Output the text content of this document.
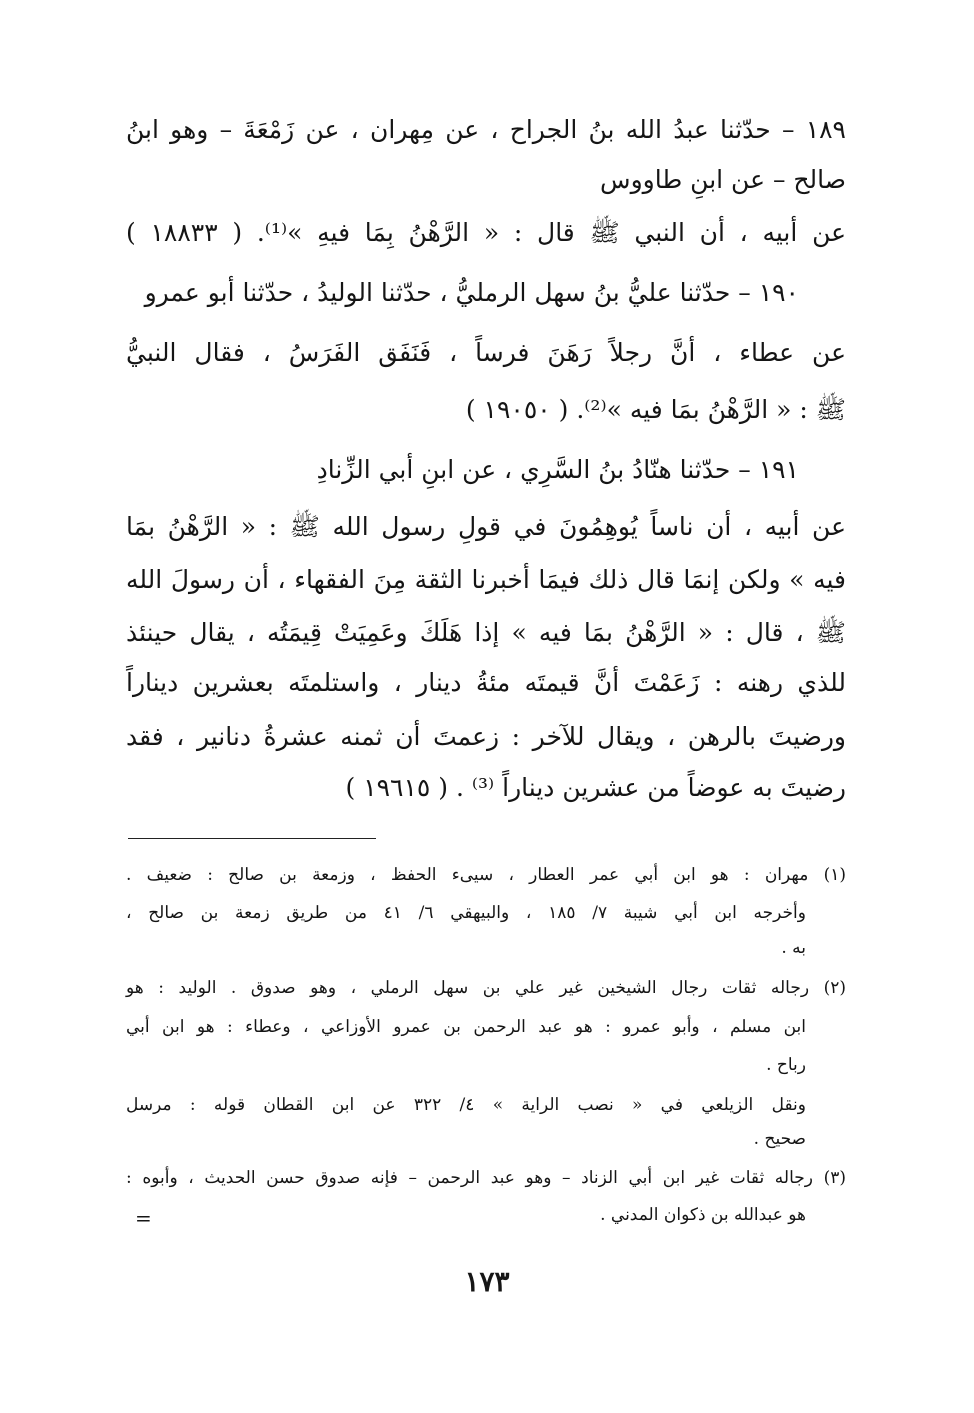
١٨٩ – حدّثنا عبدُ الله بنُ الجراح ، عن مِهران ، عن زَمْعَةَ – وهو ابنُ
صالح – عن ابنِ طاووس
عن أبيه ، أن النبي ﷺ قال : « الرَّهْنُ بِمَا فيهِ »⁽¹⁾. ( ١٨٨٣٣ )
١٩٠ – حدّثنا عليُّ بنُ سهل الرمليُّ ، حدّثنا الوليدُ ، حدّثنا أبو عمرو
عن عطاء ، أنَّ رجلاً رَهَنَ فرساً ، فَنَفَق الفَرَسُ ، فقال النبيُّ
ﷺ : « الرَّهْنُ بمَا فيه »⁽²⁾. ( ١٩٠٥٠ )
١٩١ – حدّثنا هنّادُ بنُ السَّرِي ، عن ابنِ أبي الزِّنادِ
عن أبيه ، أن ناساً يُوهِمُونَ في قولِ رسول الله ﷺ : « الرَّهْنُ بمَا
فيه » ولكن إنمَا قال ذلك فيمَا أخبرنا الثقة مِنَ الفقهاء ، أن رسولَ الله
ﷺ ، قال : « الرَّهْنُ بمَا فيه » إذا هَلَكَ وعَمِيَتْ قِيمَتُه ، يقال حينئذ
للذي رهنه : زَعَمْتَ أنَّ قيمتَه مئةُ دينار ، واستلمتَه بعشرين ديناراً
ورضيتَ بالرهن ، ويقال للآخر : زعمتَ أن ثمنه عشرةُ دنانير ، فقد
رضيتَ به عوضاً من عشرين ديناراً ⁽³⁾ . ( ١٩٦١٥ )
(١) مهران : هو ابن أبي عمر العطار ، سيىء الحفظ ، وزمعة بن صالح : ضعيف .
وأخرجه ابن أبي شيبة ٧/ ١٨٥ ، والبيهقي ٦/ ٤١ من طريق زمعة بن صالح ،
به .
(٢) رجاله ثقات رجال الشيخين غير علي بن سهل الرملي ، وهو صدوق . الوليد : هو
ابن مسلم ، وأبو عمرو : هو عبد الرحمن بن عمرو الأوزاعي ، وعطاء : هو ابن أبي
رباح .
ونقل الزيلعي في « نصب الراية » ٤/ ٣٢٢ عن ابن القطان قوله : مرسل
صحيح .
(٣) رجاله ثقات غير ابن أبي الزناد – وهو عبد الرحمن – فإنه صدوق حسن الحديث ، وأبوه :
هو عبدالله بن ذكوان المدني .
=
١٧٣
